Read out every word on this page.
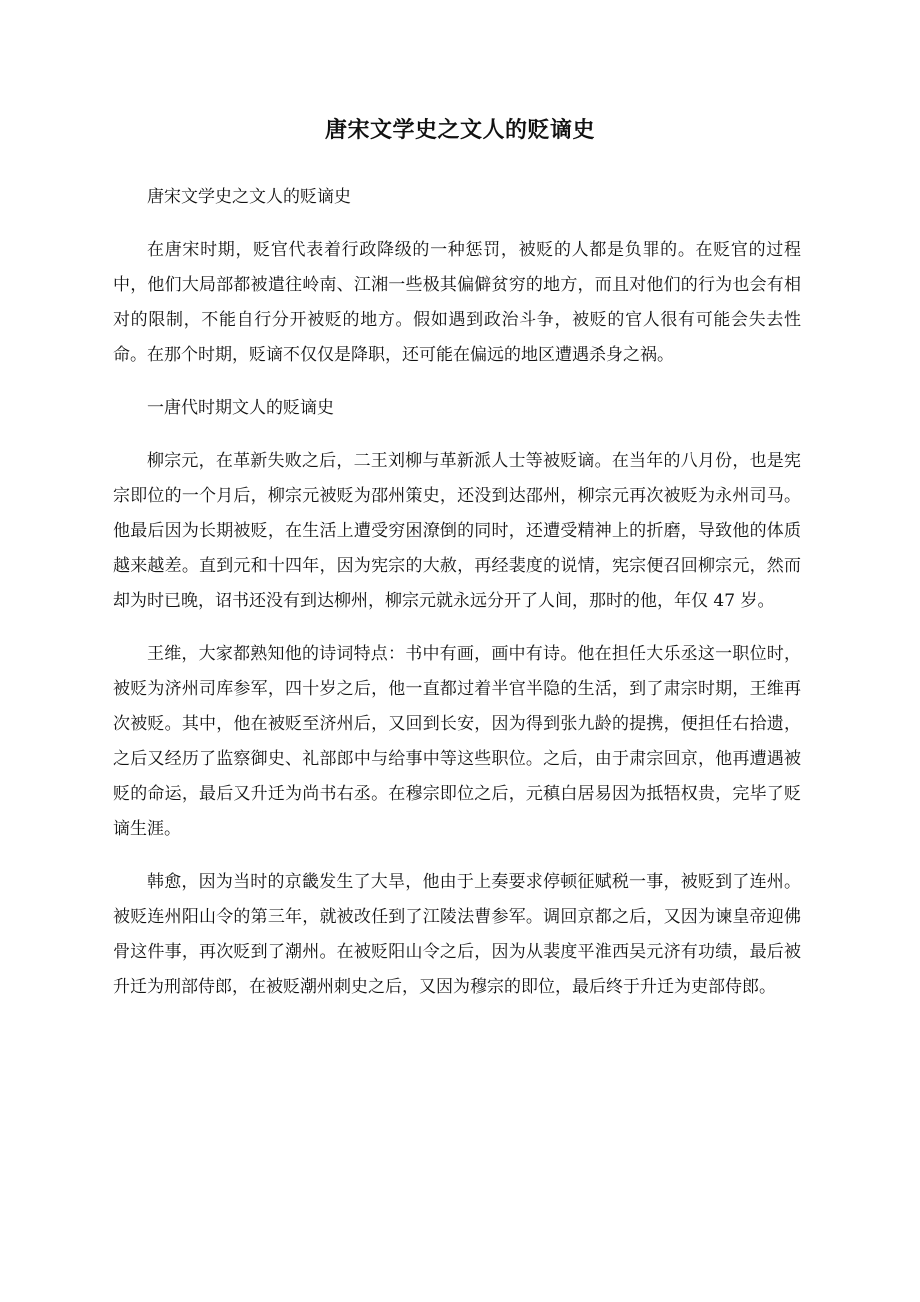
唐宋文学史之文人的贬谪史

唐宋文学史之文人的贬谪史

在唐宋时期，贬官代表着行政降级的一种惩罚，被贬的人都是负罪的。在贬官的过程中，他们大局部都被遣往岭南、江湘一些极其偏僻贫穷的地方，而且对他们的行为也会有相对的限制，不能自行分开被贬的地方。假如遇到政治斗争，被贬的官人很有可能会失去性命。在那个时期，贬谪不仅仅是降职，还可能在偏远的地区遭遇杀身之祸。

一唐代时期文人的贬谪史

柳宗元，在革新失败之后，二王刘柳与革新派人士等被贬谪。在当年的八月份，也是宪宗即位的一个月后，柳宗元被贬为邵州策史，还没到达邵州，柳宗元再次被贬为永州司马。他最后因为长期被贬，在生活上遭受穷困潦倒的同时，还遭受精神上的折磨，导致他的体质越来越差。直到元和十四年，因为宪宗的大赦，再经裴度的说情，宪宗便召回柳宗元，然而却为时已晚，诏书还没有到达柳州，柳宗元就永远分开了人间，那时的他，年仅 47 岁。

王维，大家都熟知他的诗词特点：书中有画，画中有诗。他在担任大乐丞这一职位时，被贬为济州司库参军，四十岁之后，他一直都过着半官半隐的生活，到了肃宗时期，王维再次被贬。其中，他在被贬至济州后，又回到长安，因为得到张九龄的提携，便担任右拾遗，之后又经历了监察御史、礼部郎中与给事中等这些职位。之后，由于肃宗回京，他再遭遇被贬的命运，最后又升迁为尚书右丞。在穆宗即位之后，元稹白居易因为抵牾权贵，完毕了贬谪生涯。

韩愈，因为当时的京畿发生了大旱，他由于上奏要求停顿征赋税一事，被贬到了连州。被贬连州阳山令的第三年，就被改任到了江陵法曹参军。调回京都之后，又因为谏皇帝迎佛骨这件事，再次贬到了潮州。在被贬阳山令之后，因为从裴度平淮西吴元济有功绩，最后被升迁为刑部侍郎，在被贬潮州刺史之后，又因为穆宗的即位，最后终于升迁为吏部侍郎。
